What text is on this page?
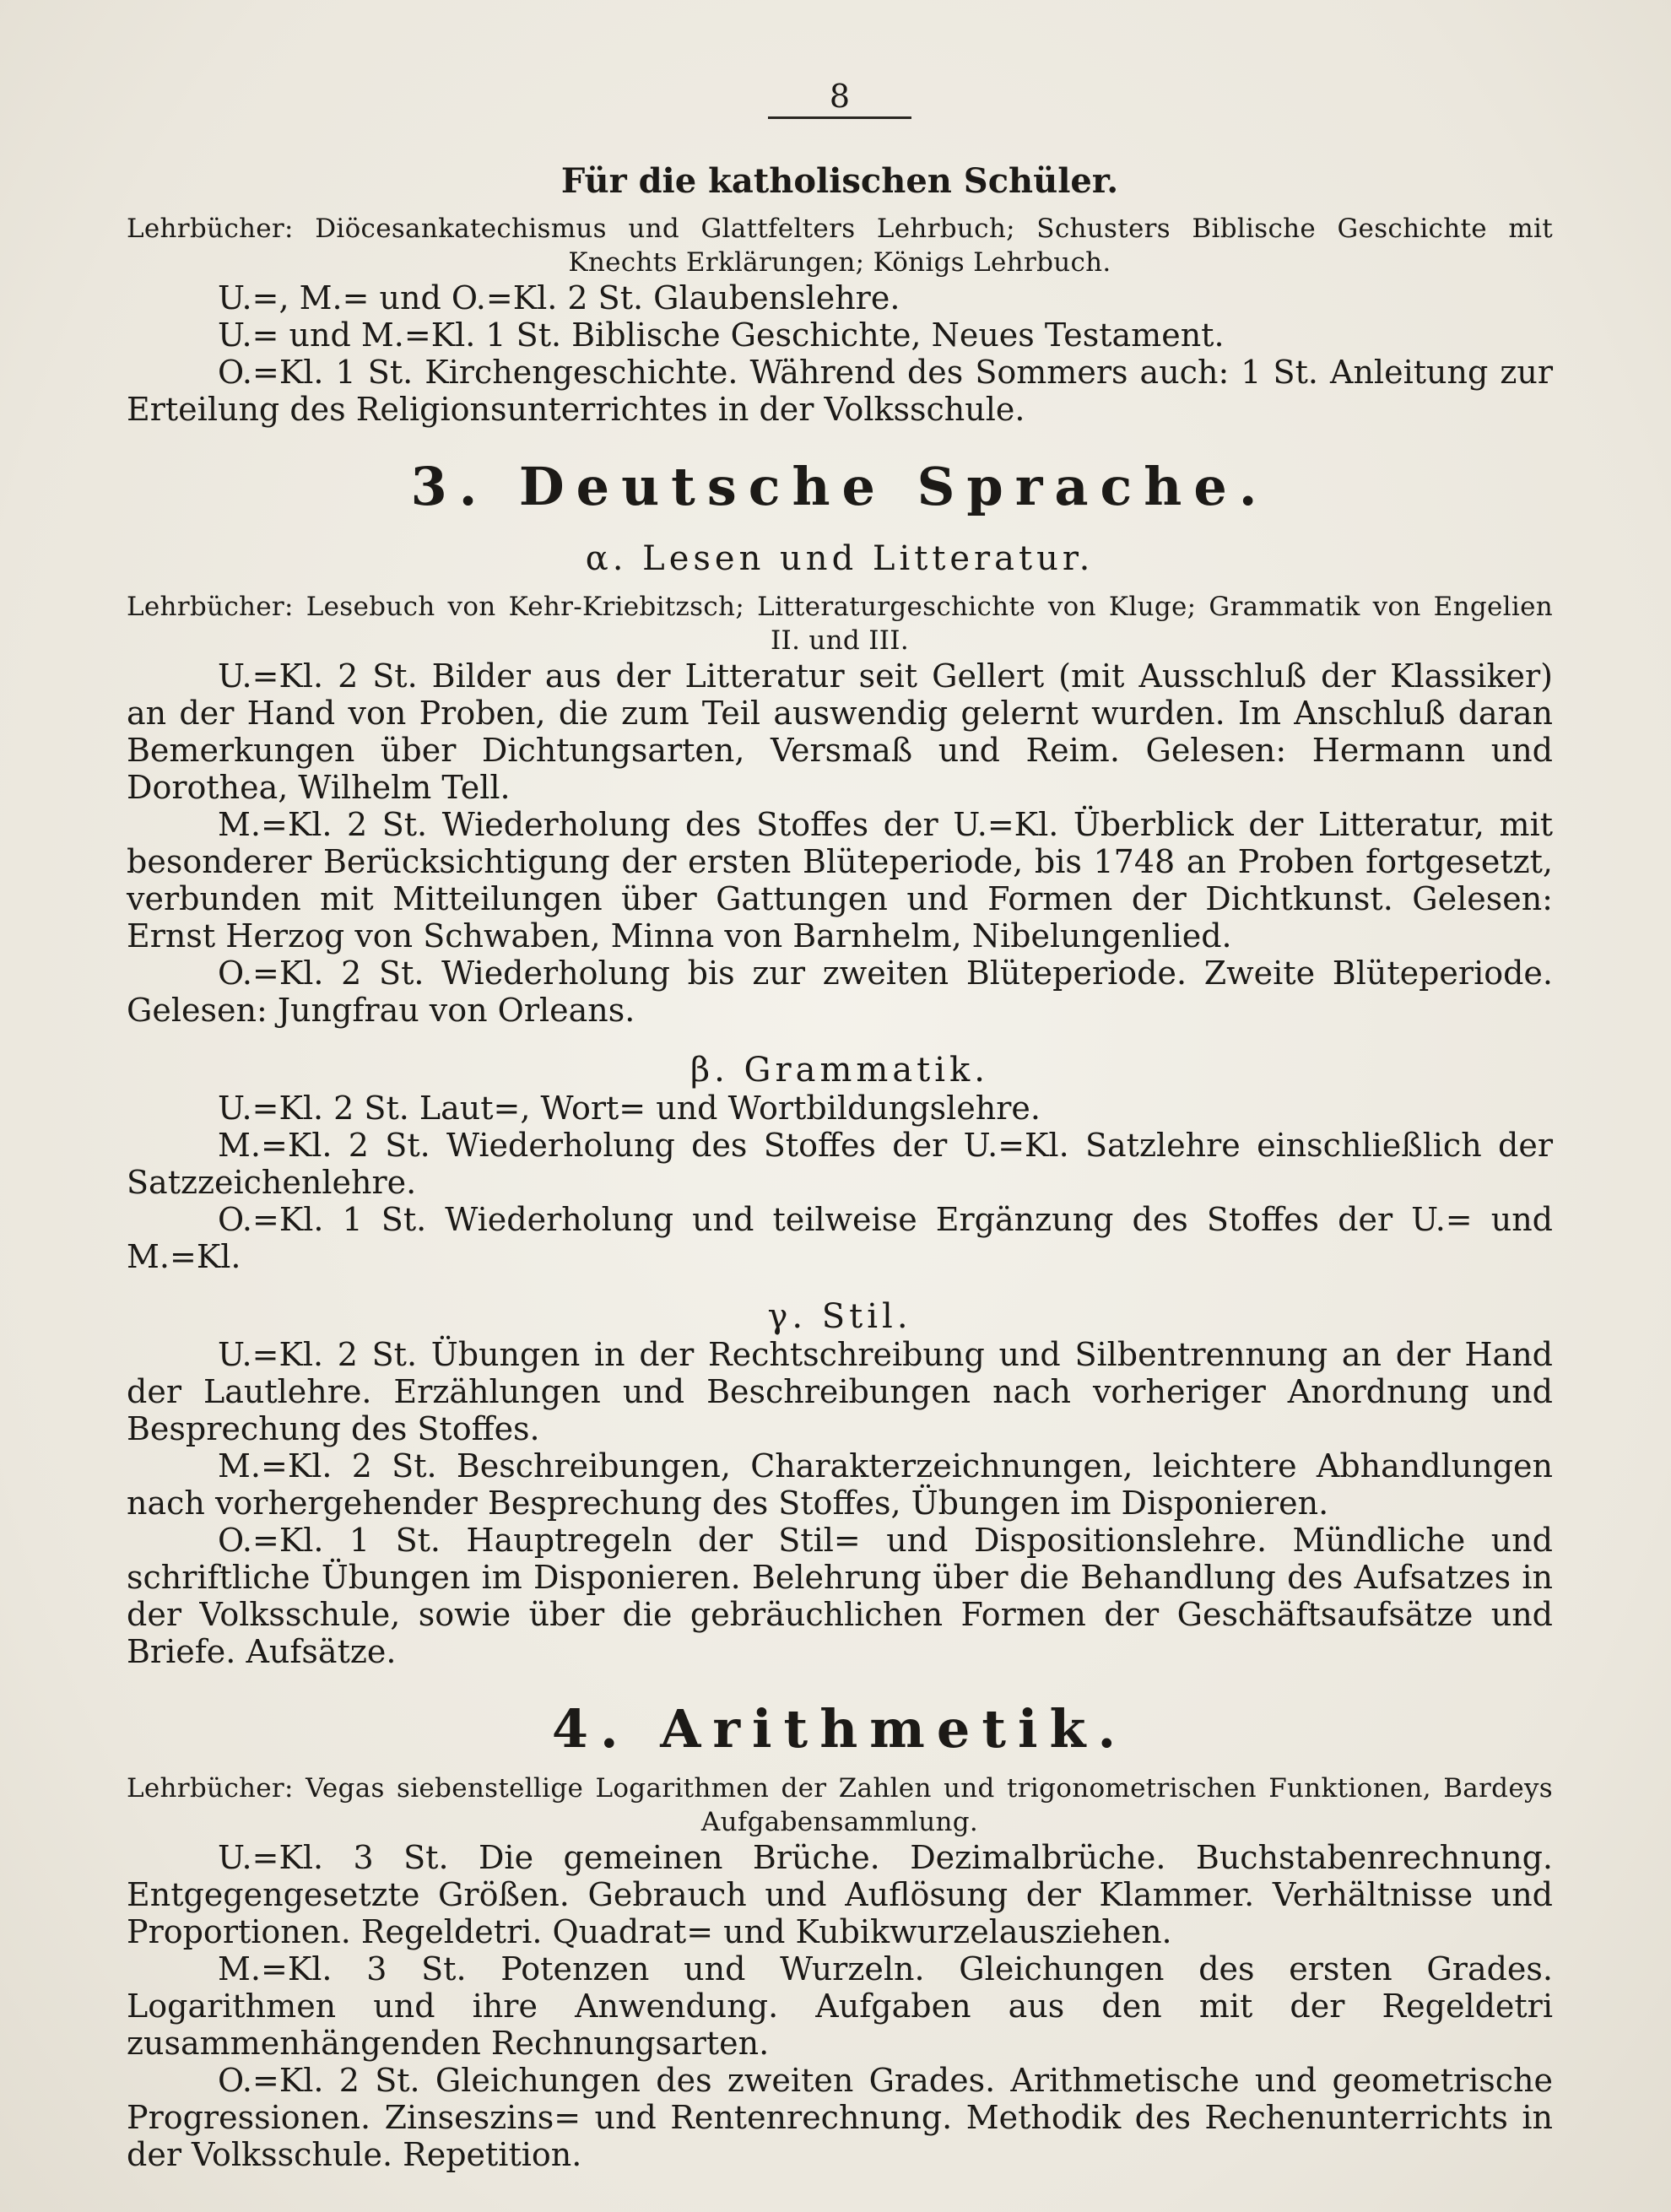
8
Für die katholischen Schüler.
Lehrbücher: Diöcesankatechismus und Glattfelters Lehrbuch; Schusters Biblische Geschichte mit Knechts Erklärungen; Königs Lehrbuch.
U.=, M.= und O.=Kl. 2 St. Glaubenslehre.
U.= und M.=Kl. 1 St. Biblische Geschichte, Neues Testament.
O.=Kl. 1 St. Kirchengeschichte. Während des Sommers auch: 1 St. Anleitung zur Erteilung des Religionsunterrichtes in der Volksschule.
3. Deutsche Sprache.
α. Lesen und Litteratur.
Lehrbücher: Lesebuch von Kehr-Kriebitzsch; Litteraturgeschichte von Kluge; Grammatik von Engelien II. und III.
U.=Kl. 2 St. Bilder aus der Litteratur seit Gellert (mit Ausschluß der Klassiker) an der Hand von Proben, die zum Teil auswendig gelernt wurden. Im Anschluß daran Bemerkungen über Dichtungsarten, Versmaß und Reim. Gelesen: Hermann und Dorothea, Wilhelm Tell.
M.=Kl. 2 St. Wiederholung des Stoffes der U.=Kl. Überblick der Litteratur, mit besonderer Berücksichtigung der ersten Blüteperiode, bis 1748 an Proben fortgesetzt, verbunden mit Mitteilungen über Gattungen und Formen der Dichtkunst. Gelesen: Ernst Herzog von Schwaben, Minna von Barnhelm, Nibelungenlied.
O.=Kl. 2 St. Wiederholung bis zur zweiten Blüteperiode. Zweite Blüteperiode. Gelesen: Jungfrau von Orleans.
β. Grammatik.
U.=Kl. 2 St. Laut=, Wort= und Wortbildungslehre.
M.=Kl. 2 St. Wiederholung des Stoffes der U.=Kl. Satzlehre einschließlich der Satzzeichenlehre.
O.=Kl. 1 St. Wiederholung und teilweise Ergänzung des Stoffes der U.= und M.=Kl.
γ. Stil.
U.=Kl. 2 St. Übungen in der Rechtschreibung und Silbentrennung an der Hand der Lautlehre. Erzählungen und Beschreibungen nach vorheriger Anordnung und Besprechung des Stoffes.
M.=Kl. 2 St. Beschreibungen, Charakterzeichnungen, leichtere Abhandlungen nach vorhergehender Besprechung des Stoffes, Übungen im Disponieren.
O.=Kl. 1 St. Hauptregeln der Stil= und Dispositionslehre. Mündliche und schriftliche Übungen im Disponieren. Belehrung über die Behandlung des Aufsatzes in der Volksschule, sowie über die gebräuchlichen Formen der Geschäftsaufsätze und Briefe. Aufsätze.
4. Arithmetik.
Lehrbücher: Vegas siebenstellige Logarithmen der Zahlen und trigonometrischen Funktionen, Bardeys Aufgabensammlung.
U.=Kl. 3 St. Die gemeinen Brüche. Dezimalbrüche. Buchstabenrechnung. Entgegengesetzte Größen. Gebrauch und Auflösung der Klammer. Verhältnisse und Proportionen. Regeldetri. Quadrat= und Kubikwurzelausziehen.
M.=Kl. 3 St. Potenzen und Wurzeln. Gleichungen des ersten Grades. Logarithmen und ihre Anwendung. Aufgaben aus den mit der Regeldetri zusammenhängenden Rechnungsarten.
O.=Kl. 2 St. Gleichungen des zweiten Grades. Arithmetische und geometrische Progressionen. Zinseszins= und Rentenrechnung. Methodik des Rechenunterrichts in der Volksschule. Repetition.
